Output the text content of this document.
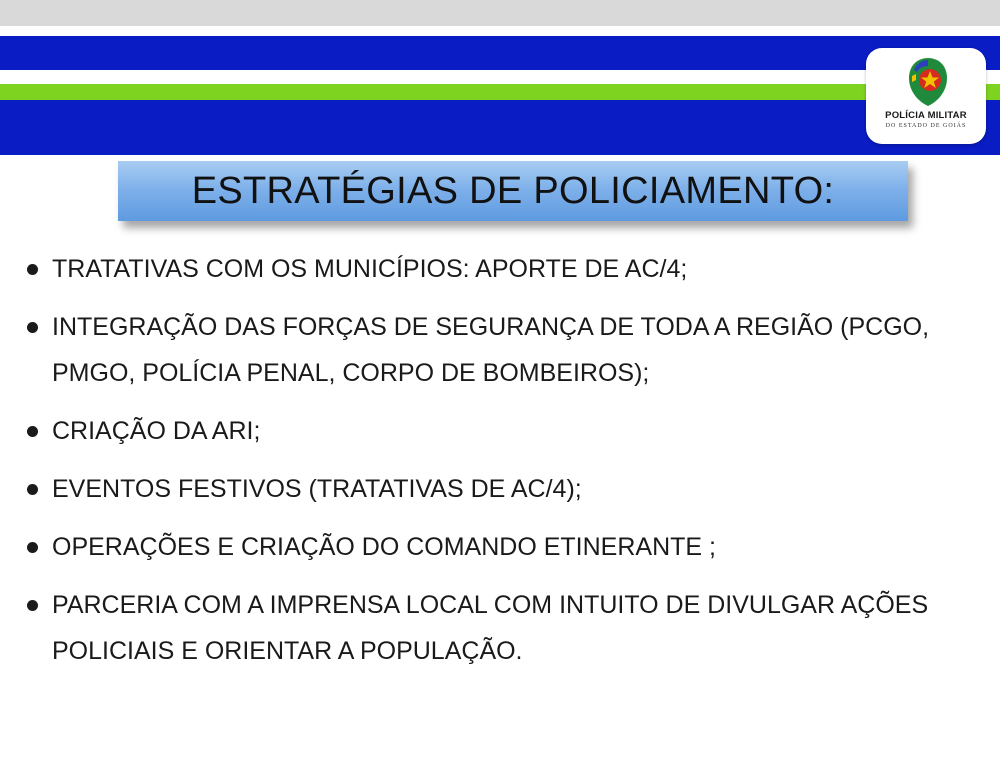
POLÍCIA MILITAR
DO ESTADO DE GOIÁS
ESTRATÉGIAS DE POLICIAMENTO:
TRATATIVAS COM OS MUNICÍPIOS: APORTE DE AC/4;
INTEGRAÇÃO DAS FORÇAS DE SEGURANÇA DE TODA A REGIÃO (PCGO, PMGO, POLÍCIA PENAL, CORPO DE BOMBEIROS);
CRIAÇÃO DA ARI;
EVENTOS FESTIVOS (TRATATIVAS DE AC/4);
OPERAÇÕES E CRIAÇÃO DO COMANDO ETINERANTE ;
PARCERIA COM A IMPRENSA LOCAL COM INTUITO DE DIVULGAR AÇÕES POLICIAIS E ORIENTAR A POPULAÇÃO.
